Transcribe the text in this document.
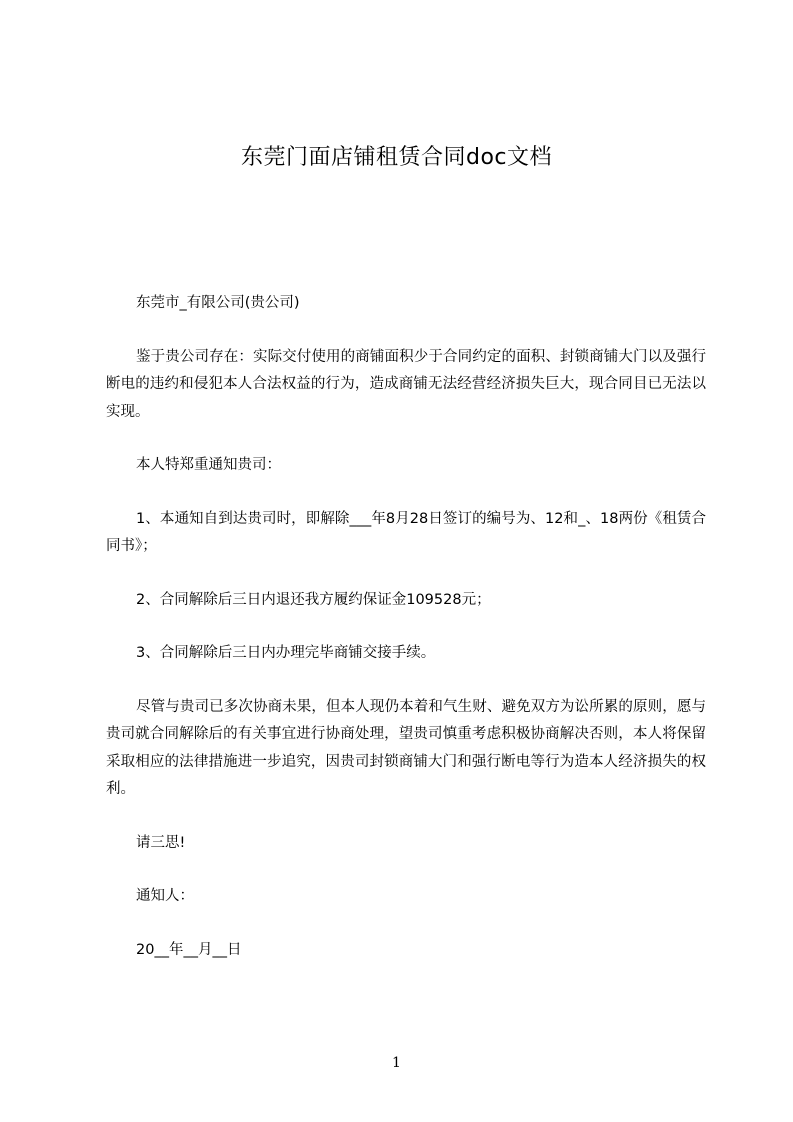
东莞门面店铺租赁合同doc文档

东莞市_有限公司(贵公司)

鉴于贵公司存在：实际交付使用的商铺面积少于合同约定的面积、封锁商铺大门以及强行断电的违约和侵犯本人合法权益的行为，造成商铺无法经营经济损失巨大，现合同目已无法以实现。

本人特郑重通知贵司：

1、本通知自到达贵司时，即解除___年8月28日签订的编号为、12和_、18两份《租赁合同书》；

2、合同解除后三日内退还我方履约保证金109528元；

3、合同解除后三日内办理完毕商铺交接手续。

尽管与贵司已多次协商未果，但本人现仍本着和气生财、避免双方为讼所累的原则，愿与贵司就合同解除后的有关事宜进行协商处理，望贵司慎重考虑积极协商解决否则，本人将保留采取相应的法律措施进一步追究，因贵司封锁商铺大门和强行断电等行为造本人经济损失的权利。

请三思!

通知人：

20__年__月__日

1
